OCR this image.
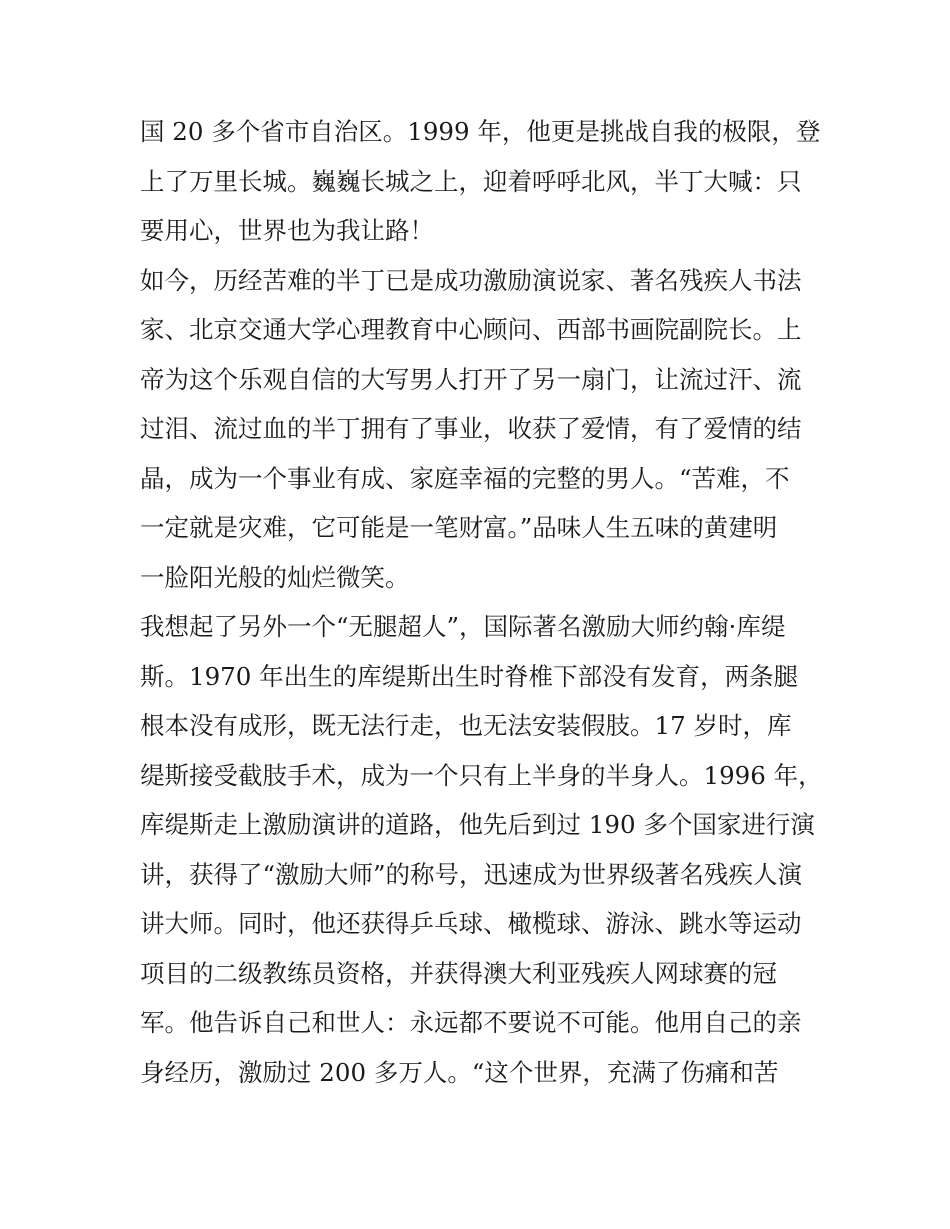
国 20 多个省市自治区。1999 年，他更是挑战自我的极限，登
上了万里长城。巍巍长城之上，迎着呼呼北风，半丁大喊：只
要用心，世界也为我让路！
如今，历经苦难的半丁已是成功激励演说家、著名残疾人书法
家、北京交通大学心理教育中心顾问、西部书画院副院长。上
帝为这个乐观自信的大写男人打开了另一扇门，让流过汗、流
过泪、流过血的半丁拥有了事业，收获了爱情，有了爱情的结
晶，成为一个事业有成、家庭幸福的完整的男人。“苦难，不
一定就是灾难，它可能是一笔财富。”品味人生五味的黄建明
一脸阳光般的灿烂微笑。
我想起了另外一个“无腿超人”，国际著名激励大师约翰·库缇
斯。1970 年出生的库缇斯出生时脊椎下部没有发育，两条腿
根本没有成形，既无法行走，也无法安装假肢。17 岁时，库
缇斯接受截肢手术，成为一个只有上半身的半身人。1996 年，
库缇斯走上激励演讲的道路，他先后到过 190 多个国家进行演
讲，获得了“激励大师”的称号，迅速成为世界级著名残疾人演
讲大师。同时，他还获得乒乓球、橄榄球、游泳、跳水等运动
项目的二级教练员资格，并获得澳大利亚残疾人网球赛的冠
军。他告诉自己和世人：永远都不要说不可能。他用自己的亲
身经历，激励过 200 多万人。“这个世界，充满了伤痛和苦
